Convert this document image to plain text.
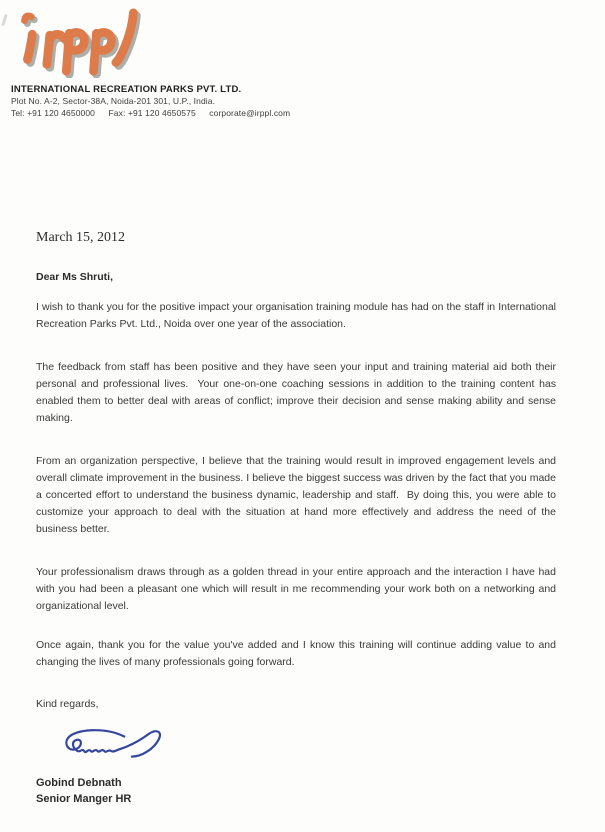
INTERNATIONAL RECREATION PARKS PVT. LTD.
Plot No. A-2, Sector-38A, Noida-201 301, U.P., India.
Tel: +91 120 4650000 Fax: +91 120 4650575 corporate@irppl.com

March 15, 2012

Dear Ms Shruti,

I wish to thank you for the positive impact your organisation training module has had on the staff in International Recreation Parks Pvt. Ltd., Noida over one year of the association.

The feedback from staff has been positive and they have seen your input and training material aid both their personal and professional lives.  Your one-on-one coaching sessions in addition to the training content has enabled them to better deal with areas of conflict; improve their decision and sense making ability and sense making.

From an organization perspective, I believe that the training would result in improved engagement levels and overall climate improvement in the business. I believe the biggest success was driven by the fact that you made a concerted effort to understand the business dynamic, leadership and staff.  By doing this, you were able to customize your approach to deal with the situation at hand more effectively and address the need of the business better.

Your professionalism draws through as a golden thread in your entire approach and the interaction I have had with you had been a pleasant one which will result in me recommending your work both on a networking and organizational level.

Once again, thank you for the value you've added and I know this training will continue adding value to and changing the lives of many professionals going forward.

Kind regards,

Gobind Debnath
Senior Manger HR
